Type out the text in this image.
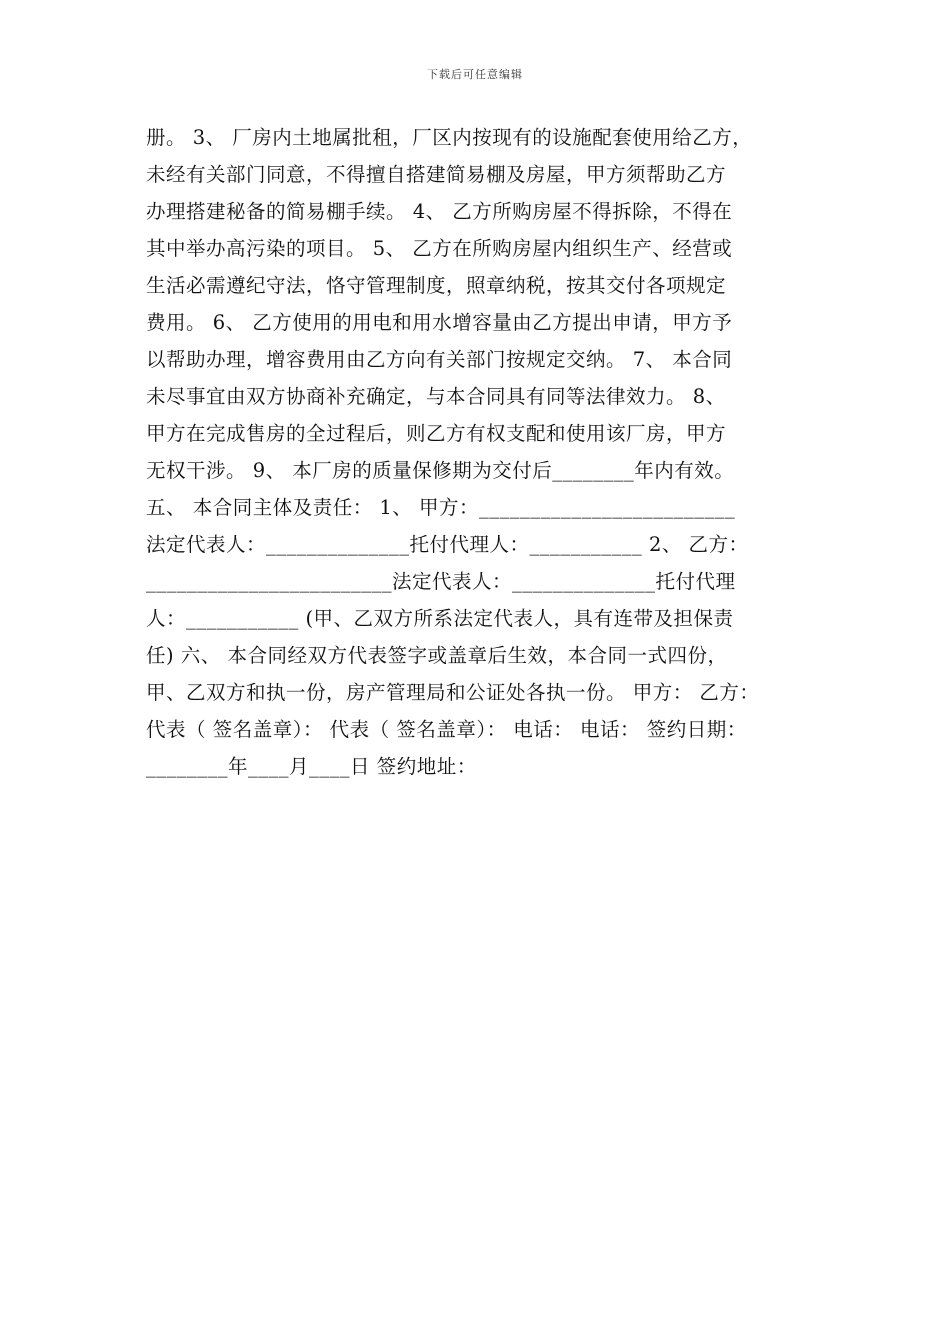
下载后可任意编辑
册。 3、 厂房内土地属批租，厂区内按现有的设施配套使用给乙方，
未经有关部门同意，不得擅自搭建简易棚及房屋，甲方须帮助乙方
办理搭建秘备的简易棚手续。 4、 乙方所购房屋不得拆除，不得在
其中举办高污染的项目。 5、 乙方在所购房屋内组织生产、经营或
生活必需遵纪守法，恪守管理制度，照章纳税，按其交付各项规定
费用。 6、 乙方使用的用电和用水增容量由乙方提出申请，甲方予
以帮助办理，增容费用由乙方向有关部门按规定交纳。 7、 本合同
未尽事宜由双方协商补充确定，与本合同具有同等法律效力。 8、
甲方在完成售房的全过程后，则乙方有权支配和使用该厂房，甲方
无权干涉。 9、 本厂房的质量保修期为交付后________年内有效。
五、 本合同主体及责任： 1、 甲方：_________________________
法定代表人：______________托付代理人：___________ 2、 乙方：
________________________法定代表人：______________托付代理
人：___________ (甲、乙双方所系法定代表人，具有连带及担保责
任) 六、 本合同经双方代表签字或盖章后生效，本合同一式四份，
甲、乙双方和执一份，房产管理局和公证处各执一份。 甲方： 乙方：
代表（ 签名盖章）： 代表（ 签名盖章）： 电话： 电话： 签约日期：
________年____月____日 签约地址：
